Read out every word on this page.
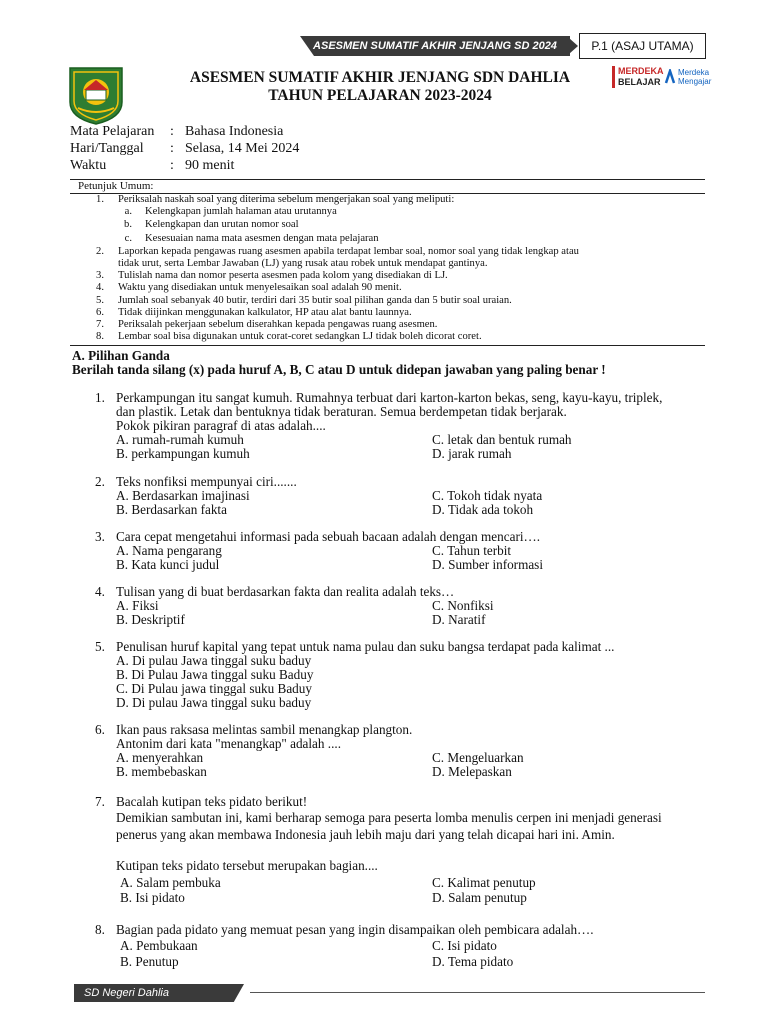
ASESMEN SUMATIF AKHIR JENJANG SD 2024	P.1 (ASAJ UTAMA)
ASESMEN SUMATIF AKHIR JENJANG SDN DAHLIA
TAHUN PELAJARAN 2023-2024
MERDEKA
BELAJAR
Merdeka
Mengajar
Mata Pelajaran	: Bahasa Indonesia
Hari/Tanggal	: Selasa, 14 Mei 2024
Waktu	: 90 menit
Petunjuk Umum:
1. Periksalah naskah soal yang diterima sebelum mengerjakan soal yang meliputi:
a. Kelengkapan jumlah halaman atau urutannya
b. Kelengkapan dan urutan nomor soal
c. Kesesuaian nama mata asesmen dengan mata pelajaran
2. Laporkan kepada pengawas ruang asesmen apabila terdapat lembar soal, nomor soal yang tidak lengkap atau
tidak urut, serta Lembar Jawaban (LJ) yang rusak atau robek untuk mendapat gantinya.
3. Tulislah nama dan nomor peserta asesmen pada kolom yang disediakan di LJ.
4. Waktu yang disediakan untuk menyelesaikan soal adalah 90 menit.
5. Jumlah soal sebanyak 40 butir, terdiri dari 35 butir soal pilihan ganda dan 5 butir soal uraian.
6. Tidak diijinkan menggunakan kalkulator, HP atau alat bantu launnya.
7. Periksalah pekerjaan sebelum diserahkan kepada pengawas ruang asesmen.
8. Lembar soal bisa digunakan untuk corat-coret sedangkan LJ tidak boleh dicorat coret.
A. Pilihan Ganda
Berilah tanda silang (x) pada huruf A, B, C atau D untuk didepan jawaban yang paling benar !
1. Perkampungan itu sangat kumuh. Rumahnya terbuat dari karton-karton bekas, seng, kayu-kayu, triplek,
dan plastik. Letak dan bentuknya tidak beraturan. Semua berdempetan tidak berjarak.
Pokok pikiran paragraf di atas adalah....
A. rumah-rumah kumuh
B. perkampungan kumuh
C. letak dan bentuk rumah
D. jarak rumah
2. Teks nonfiksi mempunyai ciri.......
A. Berdasarkan imajinasi
B. Berdasarkan fakta
C. Tokoh tidak nyata
D. Tidak ada tokoh
3. Cara cepat mengetahui informasi pada sebuah bacaan adalah dengan mencari….
A. Nama pengarang
B. Kata kunci judul
C. Tahun terbit
D. Sumber informasi
4. Tulisan yang di buat berdasarkan fakta dan realita adalah teks…
A. Fiksi
B. Deskriptif
C. Nonfiksi
D. Naratif
5. Penulisan huruf kapital yang tepat untuk nama pulau dan suku bangsa terdapat pada kalimat ...
A. Di pulau Jawa tinggal suku baduy
B. Di Pulau Jawa tinggal suku Baduy
C. Di Pulau jawa tinggal suku Baduy
D. Di pulau Jawa tinggal suku baduy
6. Ikan paus raksasa melintas sambil menangkap plangton.
Antonim dari kata "menangkap" adalah ....
A. menyerahkan
B. membebaskan
C. Mengeluarkan
D. Melepaskan
7. Bacalah kutipan teks pidato berikut!
Demikian sambutan ini, kami berharap semoga para peserta lomba menulis cerpen ini menjadi generasi
penerus yang akan membawa Indonesia jauh lebih maju dari yang telah dicapai hari ini. Amin.
Kutipan teks pidato tersebut merupakan bagian....
A. Salam pembuka
B. Isi pidato
C. Kalimat penutup
D. Salam penutup
8. Bagian pada pidato yang memuat pesan yang ingin disampaikan oleh pembicara adalah….
A. Pembukaan
B. Penutup
C. Isi pidato
D. Tema pidato
SD Negeri Dahlia
